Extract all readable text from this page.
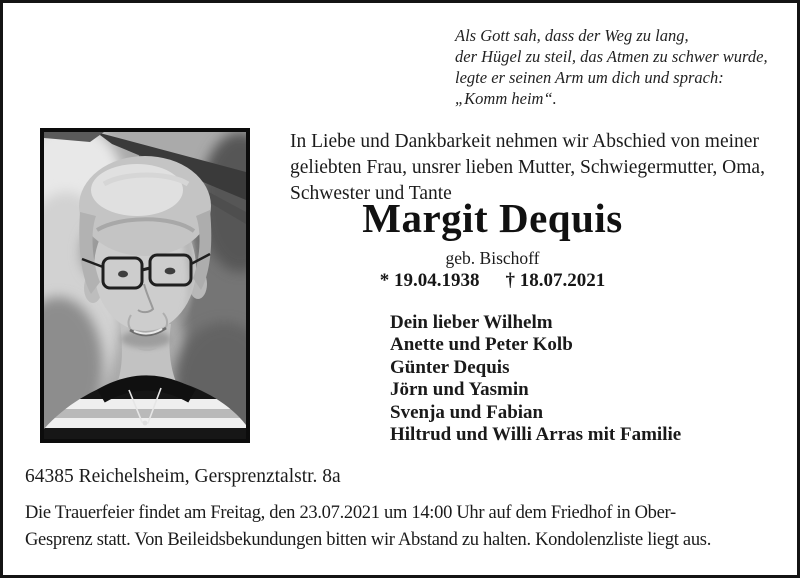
Als Gott sah, dass der Weg zu lang,
der Hügel zu steil, das Atmen zu schwer wurde,
legte er seinen Arm um dich und sprach:
„Komm heim“.
In Liebe und Dankbarkeit nehmen wir Abschied von meiner
geliebten Frau, unsrer lieben Mutter, Schwiegermutter, Oma,
Schwester und Tante
Margit Dequis
geb. Bischoff
* 19.04.1938 † 18.07.2021
Dein lieber Wilhelm
Anette und Peter Kolb
Günter Dequis
Jörn und Yasmin
Svenja und Fabian
Hiltrud und Willi Arras mit Familie
64385 Reichelsheim, Gersprenztalstr. 8a
Die Trauerfeier findet am Freitag, den 23.07.2021 um 14:00 Uhr auf dem Friedhof in Ober-
Gesprenz statt. Von Beileidsbekundungen bitten wir Abstand zu halten. Kondolenzliste liegt aus.
